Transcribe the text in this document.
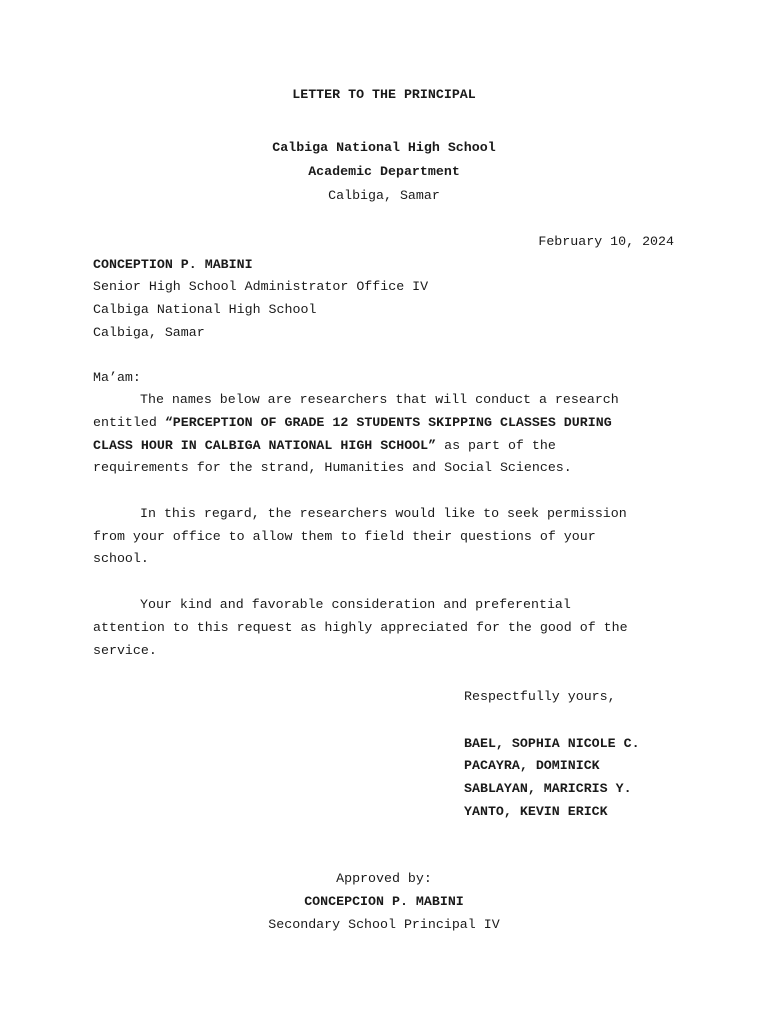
LETTER TO THE PRINCIPAL
Calbiga National High School
Academic Department
Calbiga, Samar
February 10, 2024
CONCEPTION P. MABINI
Senior High School Administrator Office IV
Calbiga National High School
Calbiga, Samar
Ma’am:
The names below are researchers that will conduct a research
entitled “PERCEPTION OF GRADE 12 STUDENTS SKIPPING CLASSES DURING
CLASS HOUR IN CALBIGA NATIONAL HIGH SCHOOL” as part of the
requirements for the strand, Humanities and Social Sciences.
In this regard, the researchers would like to seek permission
from your office to allow them to field their questions of your
school.
Your kind and favorable consideration and preferential
attention to this request as highly appreciated for the good of the
service.
Respectfully yours,
BAEL, SOPHIA NICOLE C.
PACAYRA, DOMINICK
SABLAYAN, MARICRIS Y.
YANTO, KEVIN ERICK
Approved by:
CONCEPCION P. MABINI
Secondary School Principal IV
